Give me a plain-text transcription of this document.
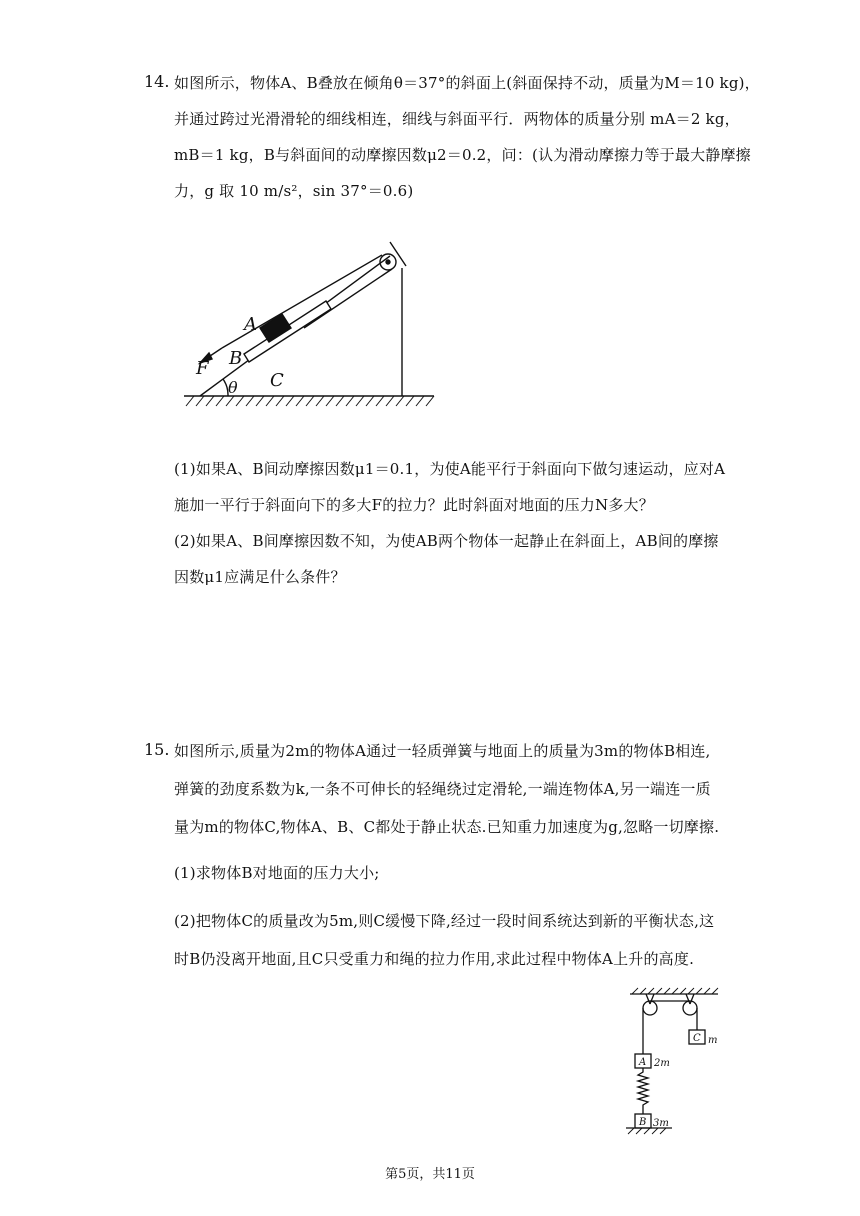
14. 如图所示，物体A、B叠放在倾角θ＝37°的斜面上(斜面保持不动，质量为M＝10 kg)，
并通过跨过光滑滑轮的细线相连，细线与斜面平行．两物体的质量分别 mA＝2 kg，
mB＝1 kg，B与斜面间的动摩擦因数μ2＝0.2，问：(认为滑动摩擦力等于最大静摩擦
力，g 取 10 m/s²，sin 37°＝0.6)
A
B
F
C
θ
(1)如果A、B间动摩擦因数μ1＝0.1，为使A能平行于斜面向下做匀速运动，应对A
施加一平行于斜面向下的多大F的拉力？此时斜面对地面的压力N多大？
(2)如果A、B间摩擦因数不知，为使AB两个物体一起静止在斜面上，AB间的摩擦
因数μ1应满足什么条件？
15. 如图所示,质量为2m的物体A通过一轻质弹簧与地面上的质量为3m的物体B相连,
弹簧的劲度系数为k,一条不可伸长的轻绳绕过定滑轮,一端连物体A,另一端连一质
量为m的物体C,物体A、B、C都处于静止状态.已知重力加速度为g,忽略一切摩擦.
(1)求物体B对地面的压力大小;
(2)把物体C的质量改为5m,则C缓慢下降,经过一段时间系统达到新的平衡状态,这
时B仍没离开地面,且C只受重力和绳的拉力作用,求此过程中物体A上升的高度.
C m
A 2m
B 3m
第5页，共11页
